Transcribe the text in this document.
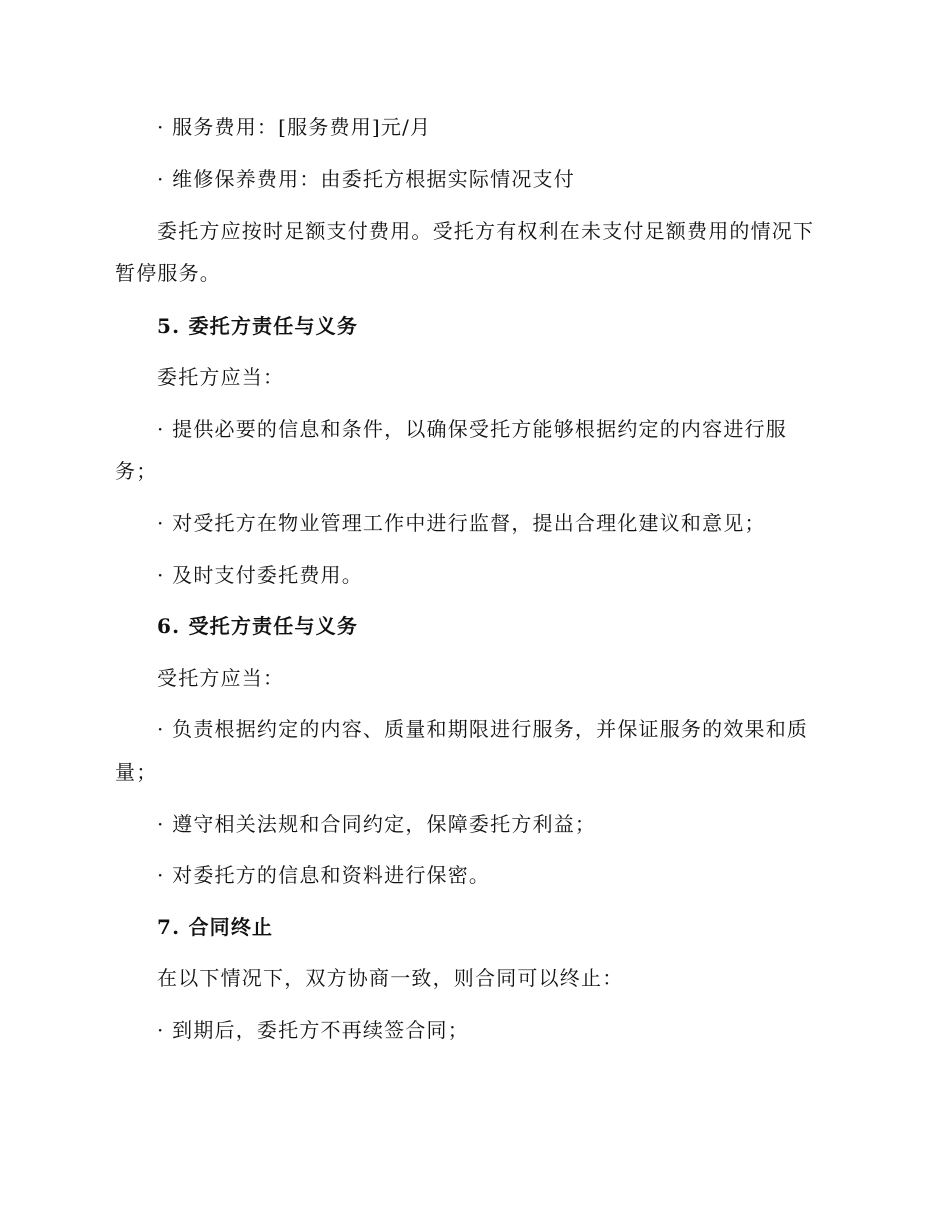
· 服务费用：[服务费用]元/月
· 维修保养费用：由委托方根据实际情况支付
委托方应按时足额支付费用。受托方有权利在未支付足额费用的情况下
暂停服务。
5. 委托方责任与义务
委托方应当：
· 提供必要的信息和条件，以确保受托方能够根据约定的内容进行服
务；
· 对受托方在物业管理工作中进行监督，提出合理化建议和意见；
· 及时支付委托费用。
6. 受托方责任与义务
受托方应当：
· 负责根据约定的内容、质量和期限进行服务，并保证服务的效果和质
量；
· 遵守相关法规和合同约定，保障委托方利益；
· 对委托方的信息和资料进行保密。
7. 合同终止
在以下情况下，双方协商一致，则合同可以终止：
· 到期后，委托方不再续签合同；
